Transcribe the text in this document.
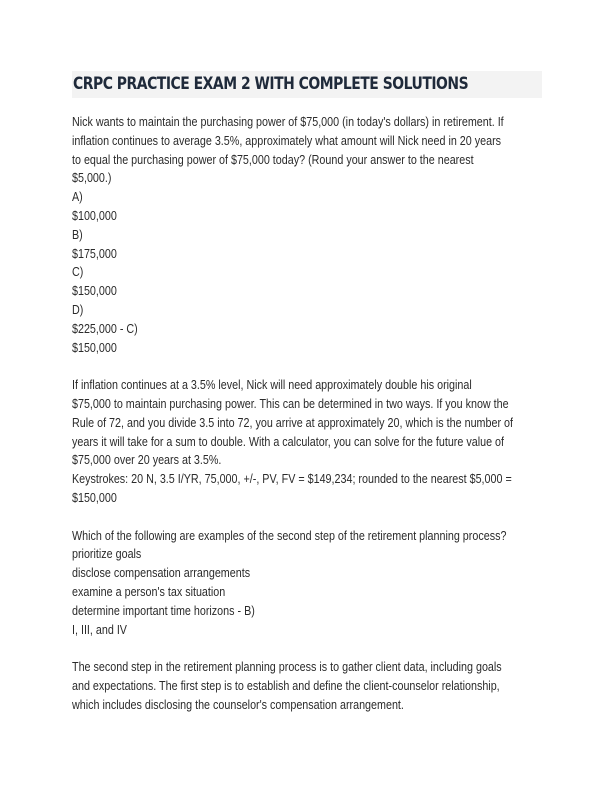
CRPC PRACTICE EXAM 2 WITH COMPLETE SOLUTIONS
Nick wants to maintain the purchasing power of $75,000 (in today's dollars) in retirement. If
inflation continues to average 3.5%, approximately what amount will Nick need in 20 years
to equal the purchasing power of $75,000 today? (Round your answer to the nearest
$5,000.)
A)
$100,000
B)
$175,000
C)
$150,000
D)
$225,000 - C)
$150,000
If inflation continues at a 3.5% level, Nick will need approximately double his original
$75,000 to maintain purchasing power. This can be determined in two ways. If you know the
Rule of 72, and you divide 3.5 into 72, you arrive at approximately 20, which is the number of
years it will take for a sum to double. With a calculator, you can solve for the future value of
$75,000 over 20 years at 3.5%.
Keystrokes: 20 N, 3.5 I/YR, 75,000, +/-, PV, FV = $149,234; rounded to the nearest $5,000 =
$150,000
Which of the following are examples of the second step of the retirement planning process?
prioritize goals
disclose compensation arrangements
examine a person's tax situation
determine important time horizons - B)
I, III, and IV
The second step in the retirement planning process is to gather client data, including goals
and expectations. The first step is to establish and define the client-counselor relationship,
which includes disclosing the counselor's compensation arrangement.
